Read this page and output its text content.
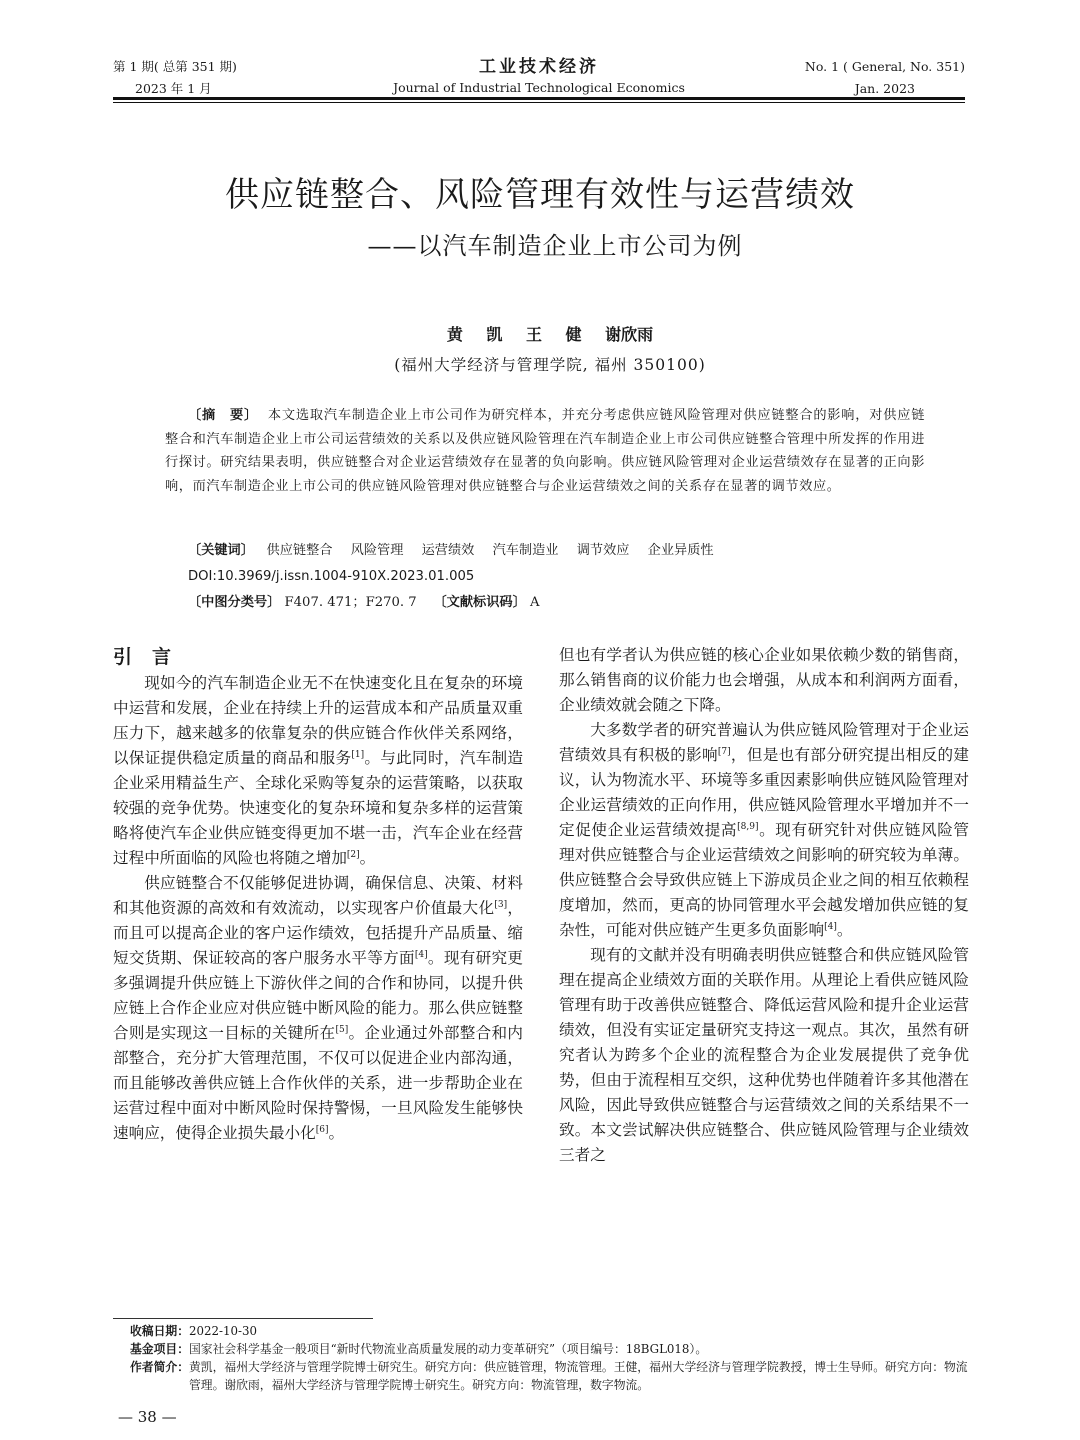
第 1 期( 总第 351 期)
2023 年 1 月
工业技术经济
Journal of Industrial Technological Economics
No. 1 ( General, No. 351)
Jan. 2023
供应链整合、风险管理有效性与运营绩效
——以汽车制造企业上市公司为例
黄 凯 王 健 谢欣雨
(福州大学经济与管理学院, 福州 350100)
〔摘　要〕 本文选取汽车制造企业上市公司作为研究样本，并充分考虑供应链风险管理对供应链整合的影响，对供应链整合和汽车制造企业上市公司运营绩效的关系以及供应链风险管理在汽车制造企业上市公司供应链整合管理中所发挥的作用进行探讨。研究结果表明，供应链整合对企业运营绩效存在显著的负向影响。供应链风险管理对企业运营绩效存在显著的正向影响，而汽车制造企业上市公司的供应链风险管理对供应链整合与企业运营绩效之间的关系存在显著的调节效应。
〔关键词〕 供应链整合 风险管理 运营绩效 汽车制造业 调节效应 企业异质性
DOI:10.3969/j.issn.1004-910X.2023.01.005
〔中图分类号〕 F407. 471；F270. 7 〔文献标识码〕 A
引言

现如今的汽车制造企业无不在快速变化且在复杂的环境中运营和发展，企业在持续上升的运营成本和产品质量双重压力下，越来越多的依靠复杂的供应链合作伙伴关系网络，以保证提供稳定质量的商品和服务[1]。与此同时，汽车制造企业采用精益生产、全球化采购等复杂的运营策略，以获取较强的竞争优势。快速变化的复杂环境和复杂多样的运营策略将使汽车企业供应链变得更加不堪一击，汽车企业在经营过程中所面临的风险也将随之增加[2]。

供应链整合不仅能够促进协调，确保信息、决策、材料和其他资源的高效和有效流动，以实现客户价值最大化[3]，而且可以提高企业的客户运作绩效，包括提升产品质量、缩短交货期、保证较高的客户服务水平等方面[4]。现有研究更多强调提升供应链上下游伙伴之间的合作和协同，以提升供应链上合作企业应对供应链中断风险的能力。那么供应链整合则是实现这一目标的关键所在[5]。企业通过外部整合和内部整合，充分扩大管理范围，不仅可以促进企业内部沟通，而且能够改善供应链上合作伙伴的关系，进一步帮助企业在运营过程中面对中断风险时保持警惕，一旦风险发生能够快速响应，使得企业损失最小化[6]。

但也有学者认为供应链的核心企业如果依赖少数的销售商，那么销售商的议价能力也会增强，从成本和利润两方面看，企业绩效就会随之下降。

大多数学者的研究普遍认为供应链风险管理对于企业运营绩效具有积极的影响[7]，但是也有部分研究提出相反的建议，认为物流水平、环境等多重因素影响供应链风险管理对企业运营绩效的正向作用，供应链风险管理水平增加并不一定促使企业运营绩效提高[8,9]。现有研究针对供应链风险管理对供应链整合与企业运营绩效之间影响的研究较为单薄。供应链整合会导致供应链上下游成员企业之间的相互依赖程度增加，然而，更高的协同管理水平会越发增加供应链的复杂性，可能对供应链产生更多负面影响[4]。

现有的文献并没有明确表明供应链整合和供应链风险管理在提高企业绩效方面的关联作用。从理论上看供应链风险管理有助于改善供应链整合、降低运营风险和提升企业运营绩效，但没有实证定量研究支持这一观点。其次，虽然有研究者认为跨多个企业的流程整合为企业发展提供了竞争优势，但由于流程相互交织，这种优势也伴随着许多其他潜在风险，因此导致供应链整合与运营绩效之间的关系结果不一致。本文尝试解决供应链整合、供应链风险管理与企业绩效三者之

收稿日期： 2022-10-30
基金项目： 国家社会科学基金一般项目“新时代物流业高质量发展的动力变革研究”（项目编号：18BGL018）。
作者简介： 黄凯，福州大学经济与管理学院博士研究生。研究方向：供应链管理，物流管理。王健，福州大学经济与管理学院教授，博士生导师。研究方向：物流管理。谢欣雨，福州大学经济与管理学院博士研究生。研究方向：物流管理，数字物流。
— 38 —
